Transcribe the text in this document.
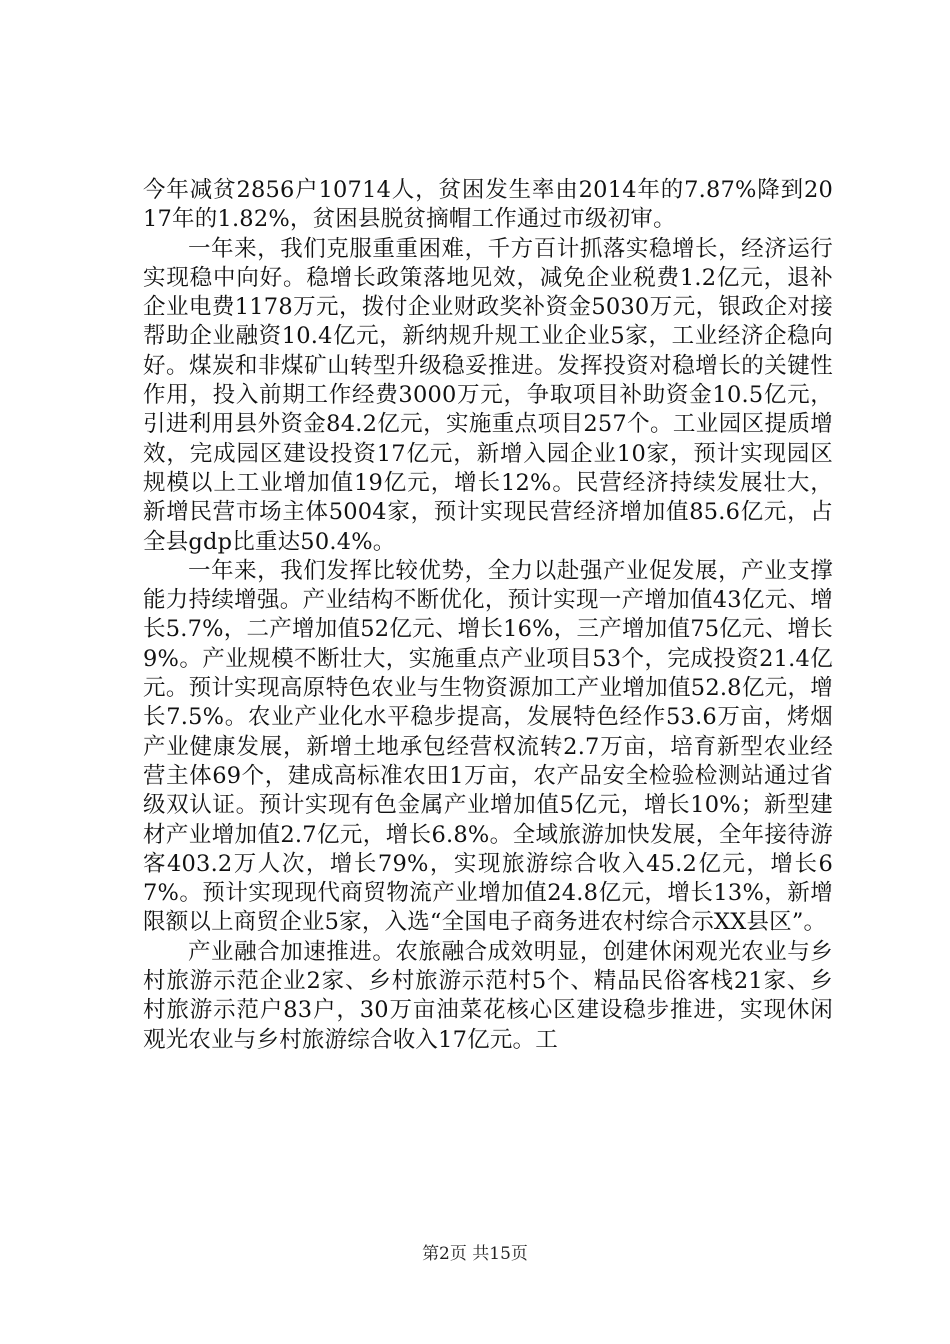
今年减贫2856户10714人，贫困发生率由2014年的7.87%降到2017年的1.82%，贫困县脱贫摘帽工作通过市级初审。

一年来，我们克服重重困难，千方百计抓落实稳增长，经济运行实现稳中向好。稳增长政策落地见效，减免企业税费1.2亿元，退补企业电费1178万元，拨付企业财政奖补资金5030万元，银政企对接帮助企业融资10.4亿元，新纳规升规工业企业5家，工业经济企稳向好。煤炭和非煤矿山转型升级稳妥推进。发挥投资对稳增长的关键性作用，投入前期工作经费3000万元，争取项目补助资金10.5亿元，引进利用县外资金84.2亿元，实施重点项目257个。工业园区提质增效，完成园区建设投资17亿元，新增入园企业10家，预计实现园区规模以上工业增加值19亿元，增长12%。民营经济持续发展壮大，新增民营市场主体5004家，预计实现民营经济增加值85.6亿元，占全县gdp比重达50.4%。

一年来，我们发挥比较优势，全力以赴强产业促发展，产业支撑能力持续增强。产业结构不断优化，预计实现一产增加值43亿元、增长5.7%，二产增加值52亿元、增长16%，三产增加值75亿元、增长9%。产业规模不断壮大，实施重点产业项目53个，完成投资21.4亿元。预计实现高原特色农业与生物资源加工产业增加值52.8亿元，增长7.5%。农业产业化水平稳步提高，发展特色经作53.6万亩，烤烟产业健康发展，新增土地承包经营权流转2.7万亩，培育新型农业经营主体69个，建成高标准农田1万亩，农产品安全检验检测站通过省级双认证。预计实现有色金属产业增加值5亿元，增长10%；新型建材产业增加值2.7亿元，增长6.8%。全域旅游加快发展，全年接待游客403.2万人次，增长79%，实现旅游综合收入45.2亿元，增长67%。预计实现现代商贸物流产业增加值24.8亿元，增长13%，新增限额以上商贸企业5家，入选“全国电子商务进农村综合示XX县区”。

产业融合加速推进。农旅融合成效明显，创建休闲观光农业与乡村旅游示范企业2家、乡村旅游示范村5个、精品民俗客栈21家、乡村旅游示范户83户，30万亩油菜花核心区建设稳步推进，实现休闲观光农业与乡村旅游综合收入17亿元。工

第2页 共15页
